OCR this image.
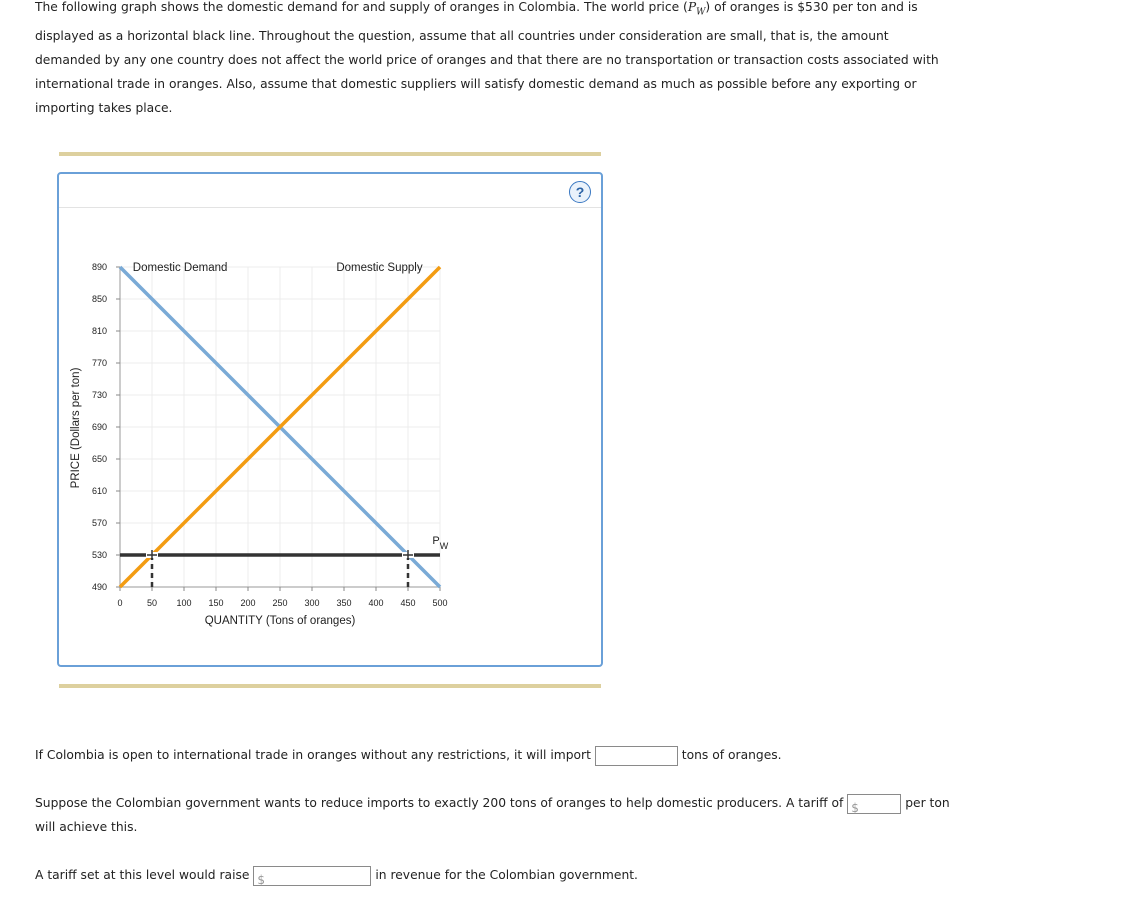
The following graph shows the domestic demand for and supply of oranges in Colombia. The world price $(P_W)$ of oranges is $530 per ton and is displayed as a horizontal black line. Throughout the question, assume that all countries under consideration are small, that is, the amount demanded by any one country does not affect the world price of oranges and that there are no transportation or transaction costs associated with international trade in oranges. Also, assume that domestic suppliers will satisfy domestic demand as much as possible before any exporting or importing takes place.
?
0	50 100 150 200 250 300 350 400 450 500
490
530
570
610
650
690
730
770
810
850
890 Domestic Demand	Domestic Supply
P W
QUANTITY (Tons of oranges)
PRICE (Dollars per ton)
If Colombia is open to international trade in oranges without any restrictions, it will import	tons of oranges.
Suppose the Colombian government wants to reduce imports to exactly 200 tons of oranges to help domestic producers. A tariff of $	per ton
will achieve this.
A tariff set at this level would raise $	in revenue for the Colombian government.
